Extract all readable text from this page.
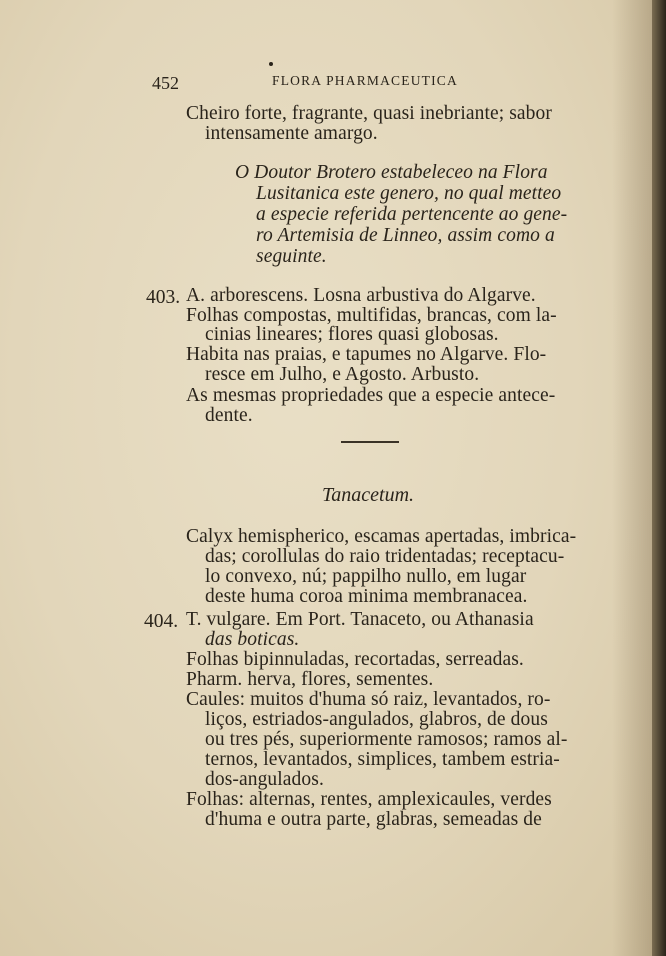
452	FLORA PHARMACEUTICA

Cheiro forte, fragrante, quasi inebriante; sabor

intensamente amargo.

O Doutor Brotero estabeleceo na Flora

Lusitanica este genero, no qual metteo

a especie referida pertencente ao gene-

ro Artemisia de Linneo, assim como a

seguinte.

403. A. arborescens. Losna arbustiva do Algarve.

Folhas compostas, multifidas, brancas, com la-

cinias lineares; flores quasi globosas.

Habita nas praias, e tapumes no Algarve. Flo-

resce em Julho, e Agosto. Arbusto.

As mesmas propriedades que a especie antece-

dente.

Tanacetum.

Calyx hemispherico, escamas apertadas, imbrica-

das; corollulas do raio tridentadas; receptacu-

lo convexo, nú; pappilho nullo, em lugar

deste huma coroa minima membranacea.

404. T. vulgare. Em Port. Tanaceto, ou Athanasia

das boticas.

Folhas bipinnuladas, recortadas, serreadas.

Pharm. herva, flores, sementes.

Caules: muitos d'huma só raiz, levantados, ro-

liços, estriados-angulados, glabros, de dous

ou tres pés, superiormente ramosos; ramos al-

ternos, levantados, simplices, tambem estria-

dos-angulados.

Folhas: alternas, rentes, amplexicaules, verdes

d'huma e outra parte, glabras, semeadas de
